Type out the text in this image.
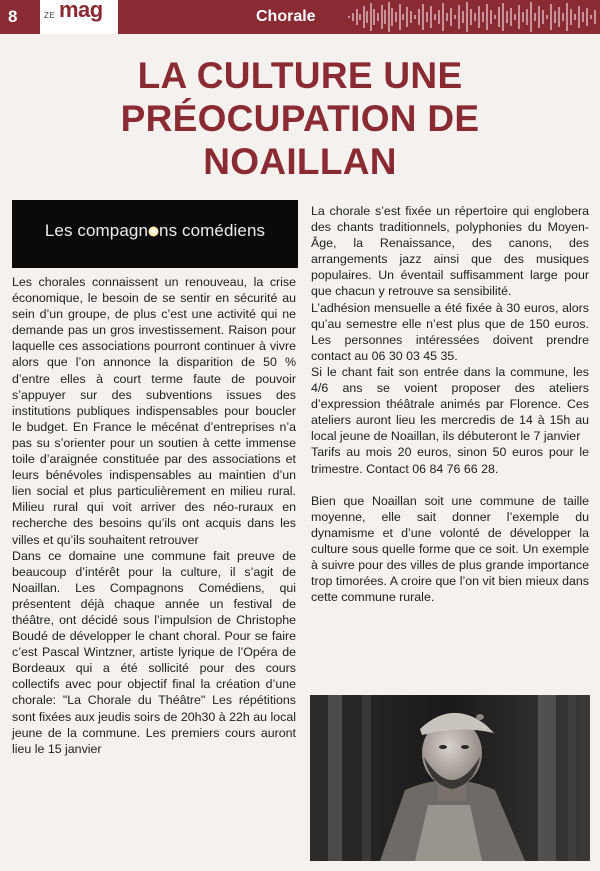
8	ZE mag	Chorale
LA CULTURE UNE
PRÉOCUPATION DE
NOAILLAN
Les compagn ns comédiens

Les chorales connaissent un renouveau, la crise économique, le besoin de se sentir en sécurité au sein d’un groupe, de plus c’est une activité qui ne demande pas un gros investissement. Raison pour laquelle ces associations pourront continuer à vivre alors que l’on annonce la disparition de 50 % d’entre elles à court terme faute de pouvoir s’appuyer sur des subventions issues des institutions publiques indispensables pour boucler le budget. En France le mécénat d’entreprises n’a pas su s’orienter pour un soutien à cette immense toile d’araignée constituée par des associations et leurs bénévoles indispensables au maintien d’un lien social et plus particulièrement en milieu rural. Milieu rural qui voit arriver des néo-ruraux en recherche des besoins qu’ils ont acquis dans les villes et qu’ils souhaitent retrouver

Dans ce domaine une commune fait preuve de beaucoup d’intérêt pour la culture, il s’agit de Noaillan. Les Compagnons Comédiens, qui présentent déjà chaque année un festival de théâtre, ont décidé sous l’impulsion de Christophe Boudé de développer le chant choral. Pour se faire c’est Pascal Wintzner, artiste lyrique de l’Opéra de Bordeaux qui a été sollicité pour des cours collectifs avec pour objectif final la création d’une chorale: "La Chorale du Théâtre" Les répétitions sont fixées aux jeudis soirs de 20h30 à 22h au local jeune de la commune. Les premiers cours auront lieu le 15 janvier

La chorale s’est fixée un répertoire qui englobera des chants traditionnels, polyphonies du Moyen-Âge, la Renaissance, des canons, des arrangements jazz ainsi que des musiques populaires. Un éventail suffisamment large pour que chacun y retrouve sa sensibilité.

L’adhésion mensuelle a été fixée à 30 euros, alors qu’au semestre elle n’est plus que de 150 euros. Les personnes intéressées doivent prendre contact au 06 30 03 45 35.

Si le chant fait son entrée dans la commune, les 4/6 ans se voient proposer des ateliers d’expression théâtrale animés par Florence. Ces ateliers auront lieu les mercredis de 14 à 15h au local jeune de Noaillan, ils débuteront le 7 janvier

Tarifs au mois 20 euros, sinon 50 euros pour le trimestre. Contact 06 84 76 66 28.

Bien que Noaillan soit une commune de taille moyenne, elle sait donner l’exemple du dynamisme et d’une volonté de développer la culture sous quelle forme que ce soit. Un exemple à suivre pour des villes de plus grande importance trop timorées. A croire que l’on vit bien mieux dans cette commune rurale.
